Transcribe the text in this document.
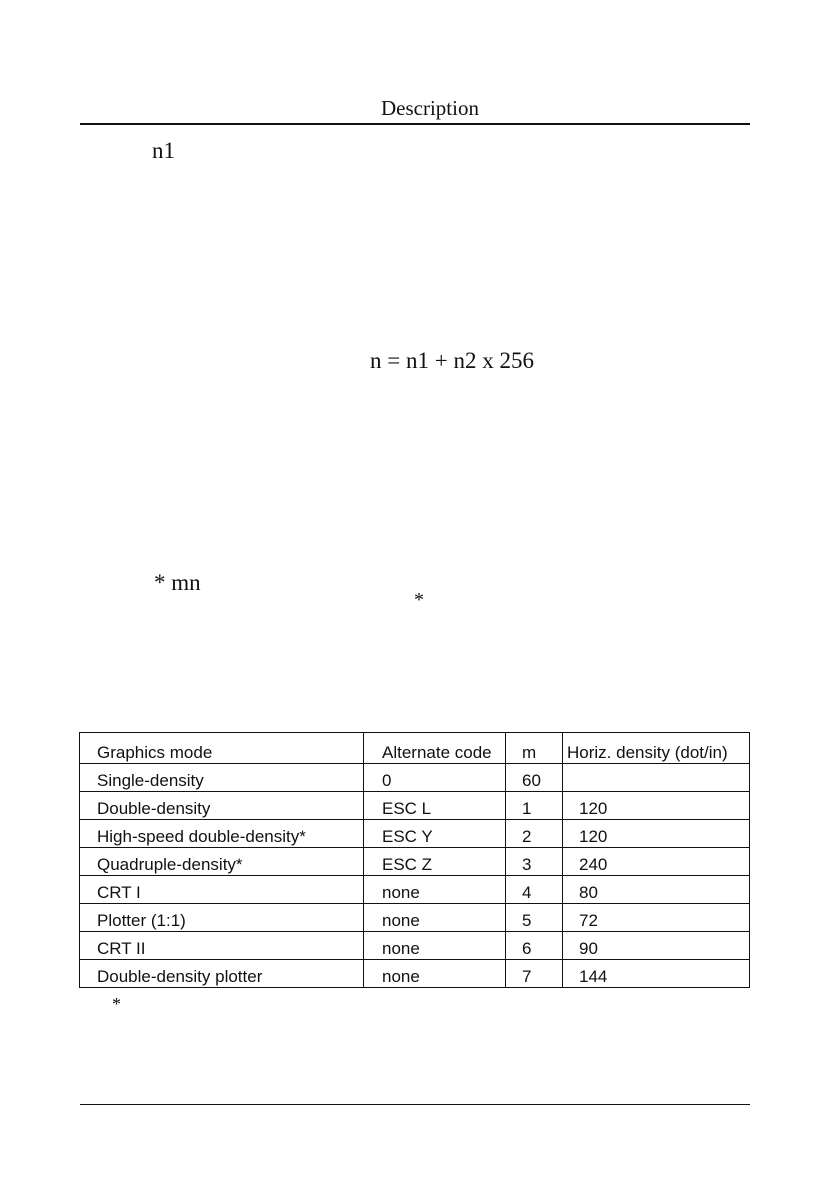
Description
n1
n = n1 + n2 x 256
* mn
*
Graphics mode	Alternate code	m	Horiz. density (dot/in)
Single-density	0	60	
Double-density	ESC L	1	120
High-speed double-density*	ESC Y	2	120
Quadruple-density*	ESC Z	3	240
CRT I	none	4	80
Plotter (1:1)	none	5	72
CRT II	none	6	90
Double-density plotter	none	7	144
*
